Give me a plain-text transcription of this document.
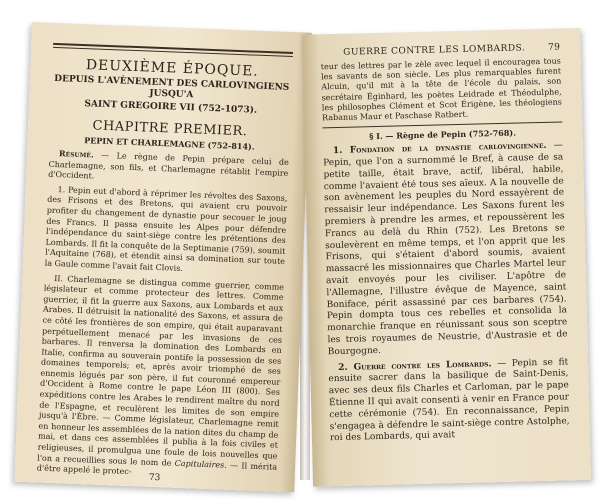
DEUXIÈME ÉPOQUE.
DEPUIS L'AVÈNEMENT DES CARLOVINGIENS JUSQU'A
SAINT GREGOIRE VII (752-1073).
CHAPITRE PREMIER.
PEPIN ET CHARLEMAGNE (752-814).

Résumé. — Le règne de Pepin prépare celui de Charlemagne, son fils, et Charlemagne rétablit l'empire d'Occident.

1. Pepin eut d'abord à réprimer les révoltes des Saxons, des Frisons et des Bretons, qui avaient cru pouvoir profiter du changement de dynastie pour secouer le joug des Francs. Il passa ensuite les Alpes pour défendre l'indépendance du saint-siège contre les prétentions des Lombards. Il fit la conquête de la Septimanie (759), soumit l'Aquitaine (768), et étendit ainsi sa domination sur toute la Gaule comme l'avait fait Clovis.

II. Charlemagne se distingua comme guerrier, comme législateur et comme protecteur des lettres. Comme guerrier, il fit la guerre aux Saxons, aux Lombards et aux Arabes. Il détruisit la nationalité des Saxons, et assura de ce côté les frontières de son empire, qui était auparavant perpétuellement menacé par les invasions de ces barbares. Il renversa la domination des Lombards en Italie, confirma au souverain pontife la possession de ses domaines temporels; et, après avoir triomphé de ses ennemis légués par son père, il fut couronné empereur d'Occident à Rome contre le pape Léon III (800). Ses expéditions contre les Arabes le rendirent maître du nord de l'Espagne, et reculèrent les limites de son empire jusqu'à l'Èbre. — Comme législateur, Charlemagne remit en honneur les assemblées de la nation dites du champ de mai, et dans ces assemblées il publia à la fois civiles et religieuses, il promulgua une foule de lois nouvelles que l'on a recueillies sous le nom de Capitulaires. — Il mérita d'être appelé le protec-

73
GUERRE CONTRE LES LOMBARDS.	79

teur des lettres par le zèle avec lequel il encouragea tous les savants de son siècle. Les plus remarquables furent Alcuin, qu'il mit à la tête de l'école du palais, son secrétaire Éginhard, les poètes Leidrade et Théodulphe, les philosophes Clément et Scot Érigène, les théologiens Rabanus Maur et Paschase Ratbert.

§ I. — Règne de Pepin (752-768).

1. Fondation de la dynastie carlovingienne. — Pepin, que l'on a surnommé le Bref, à cause de sa petite taille, était brave, actif, libéral, habile, comme l'avaient été tous ses aïeux. A la nouvelle de son avènement les peuples du Nord essayèrent de ressaisir leur indépendance. Les Saxons furent les premiers à prendre les armes, et repoussèrent les Francs au delà du Rhin (752). Les Bretons se soulevèrent en même temps, et l'on apprit que les Frisons, qui s'étaient d'abord soumis, avaient massacré les missionnaires que Charles Martel leur avait envoyés pour les civiliser. L'apôtre de l'Allemagne, l'illustre évêque de Mayence, saint Boniface, périt assassiné par ces barbares (754). Pepin dompta tous ces rebelles et consolida la monarchie franque en réunissant sous son sceptre les trois royaumes de Neustrie, d'Austrasie et de Bourgogne.

2. Guerre contre les Lombards. — Pepin se fit ensuite sacrer dans la basilique de Saint-Denis, avec ses deux fils Charles et Carloman, par le pape Étienne II qui avait consenti à venir en France pour cette cérémonie (754). En reconnaissance, Pepin s'engagea à défendre le saint-siège contre Astolphe, roi des Lombards, qui avait
